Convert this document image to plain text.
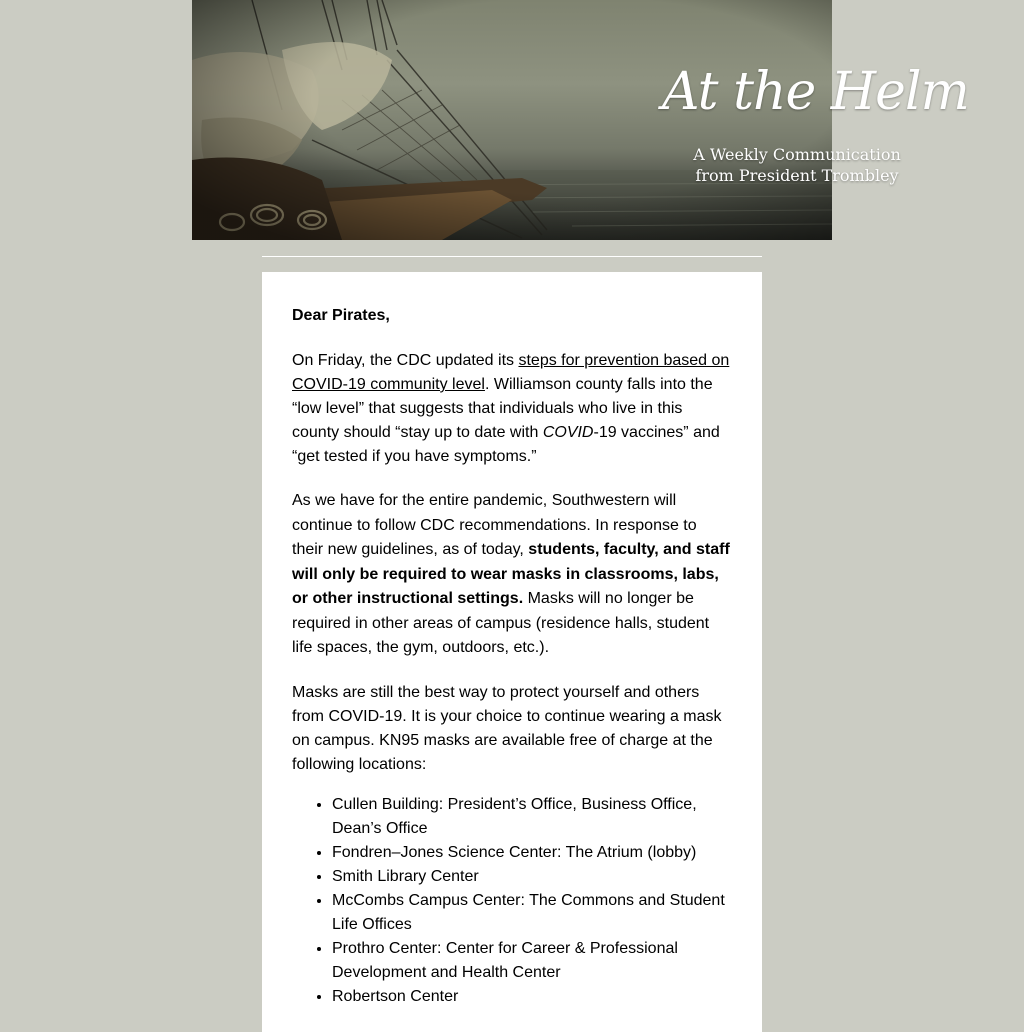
At the Helm
A Weekly Communication
from President Trombley

Dear Pirates,

On Friday, the CDC updated its steps for prevention based on COVID-19 community level. Williamson county falls into the “low level” that suggests that individuals who live in this county should “stay up to date with COVID-19 vaccines” and “get tested if you have symptoms.”

As we have for the entire pandemic, Southwestern will continue to follow CDC recommendations. In response to their new guidelines, as of today, students, faculty, and staff will only be required to wear masks in classrooms, labs, or other instructional settings. Masks will no longer be required in other areas of campus (residence halls, student life spaces, the gym, outdoors, etc.).

Masks are still the best way to protect yourself and others from COVID-19. It is your choice to continue wearing a mask on campus. KN95 masks are available free of charge at the following locations:

• Cullen Building: President’s Office, Business Office, Dean’s Office
• Fondren–Jones Science Center: The Atrium (lobby)
• Smith Library Center
• McCombs Campus Center: The Commons and Student Life Offices
• Prothro Center: Center for Career & Professional Development and Health Center
• Robertson Center
